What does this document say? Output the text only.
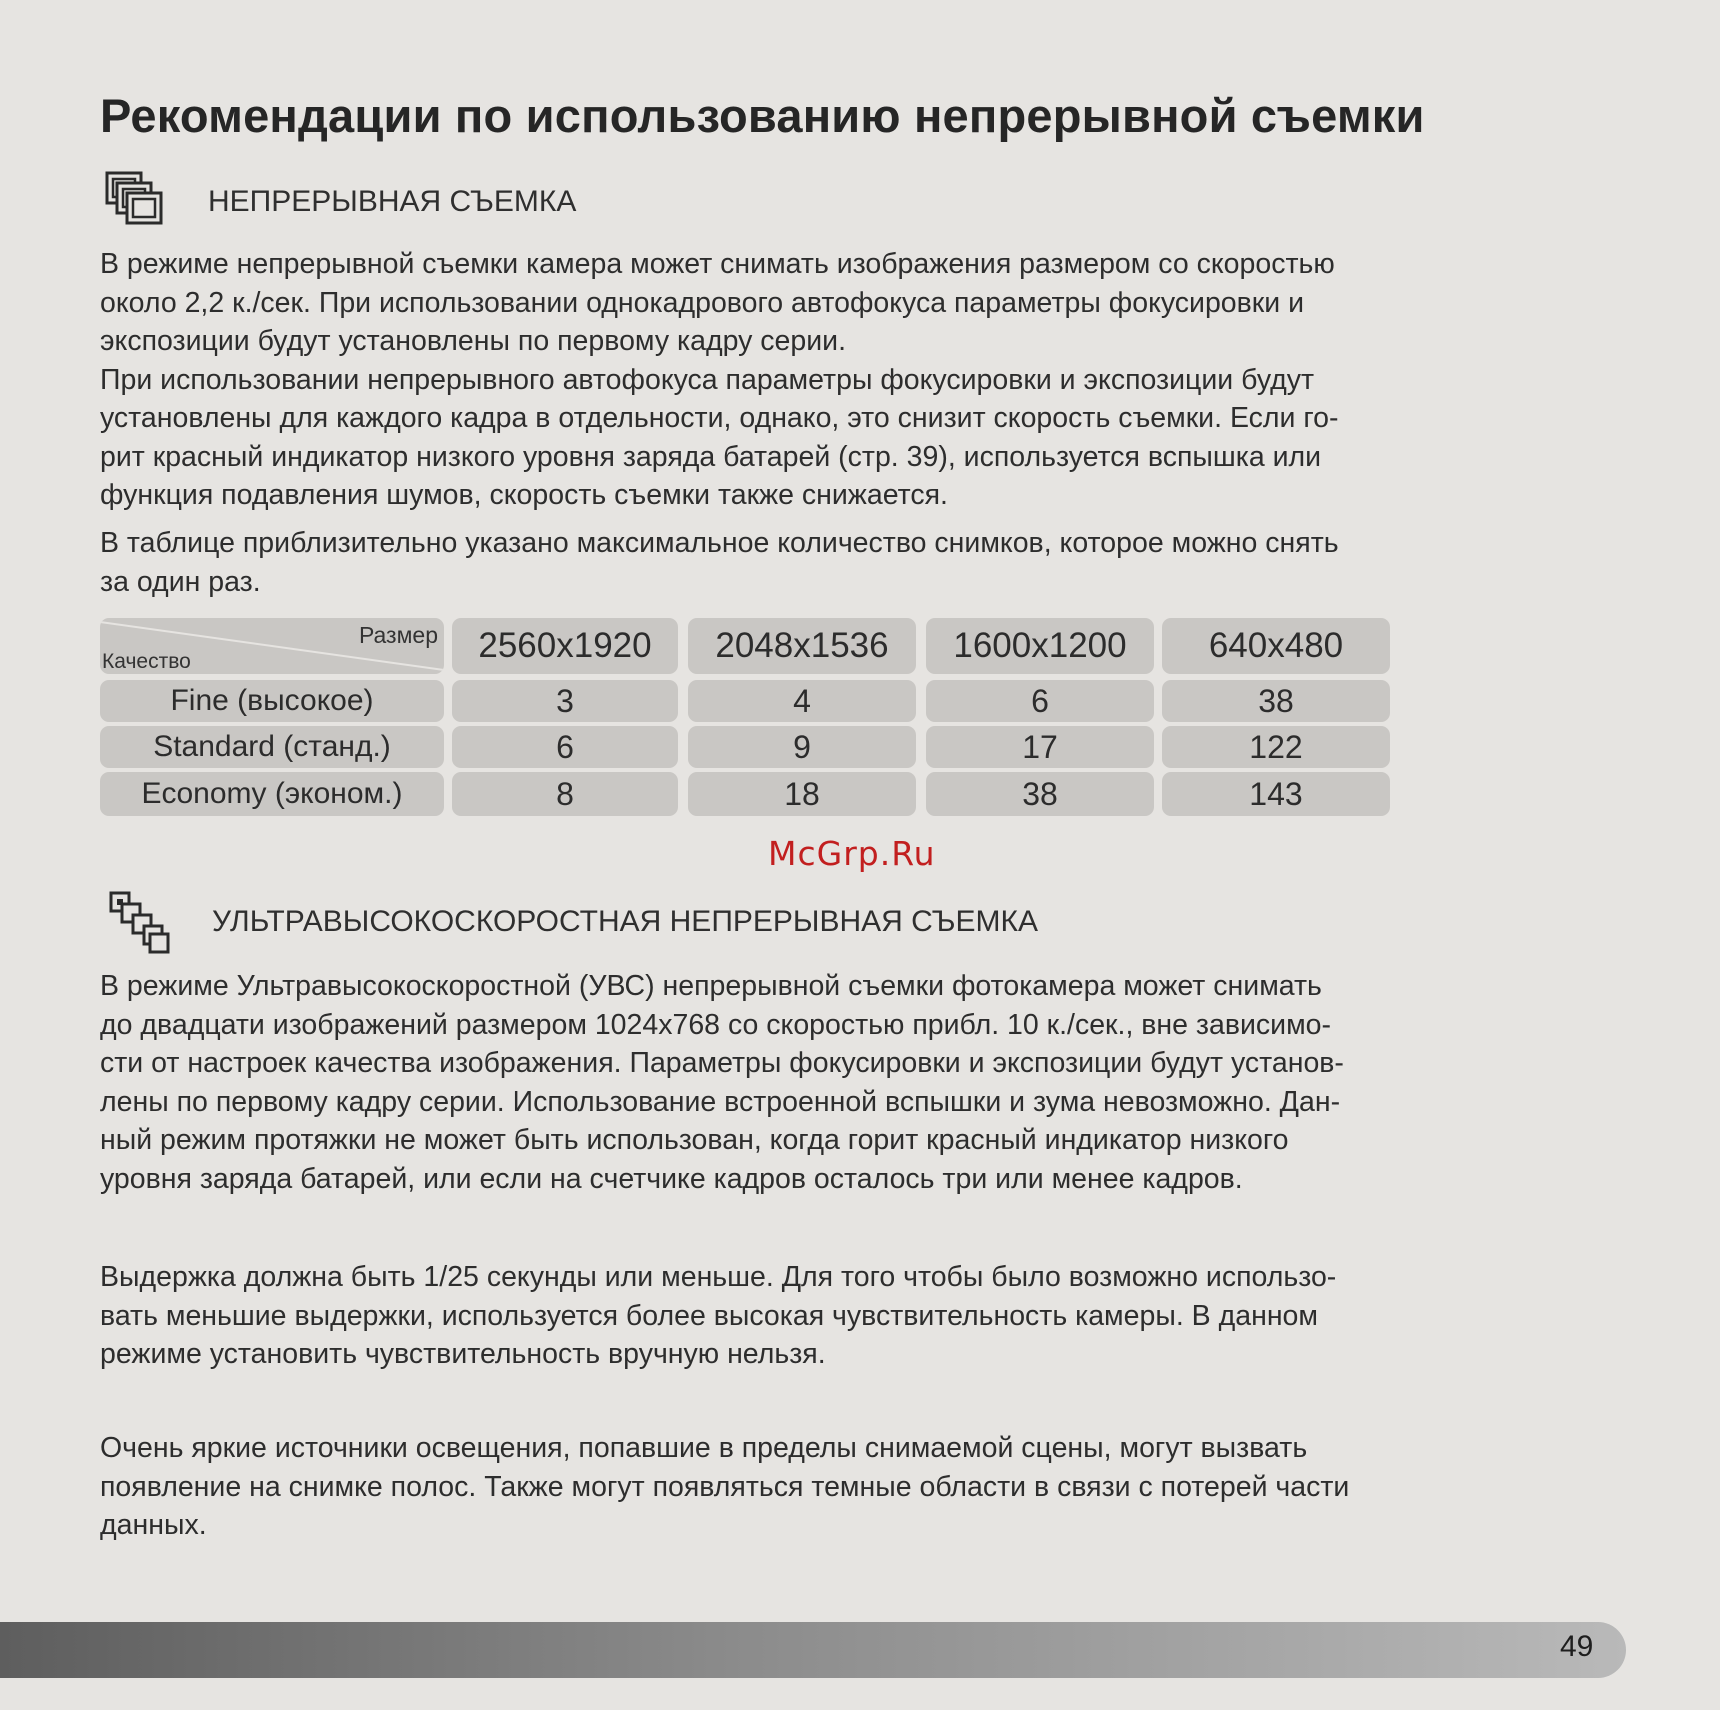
Рекомендации по использованию непрерывной съемки
НЕПРЕРЫВНАЯ СЪЕМКА

В режиме непрерывной съемки камера может снимать изображения размером со скоростью
около 2,2 к./сек. При использовании однокадрового автофокуса параметры фокусировки и
экспозиции будут установлены по первому кадру серии.
При использовании непрерывного автофокуса параметры фокусировки и экспозиции будут
установлены для каждого кадра в отдельности, однако, это снизит скорость съемки. Если го-
рит красный индикатор низкого уровня заряда батарей (стр. 39), используется вспышка или
функция подавления шумов, скорость съемки также снижается.

В таблице приблизительно указано максимальное количество снимков, которое можно снять
за один раз.

Размер
Качество	2560x1920	2048x1536	1600x1200	640x480
Fine (высокое)	3	4	6	38
Standard (станд.)	6	9	17	122
Economy (эконом.)	8	18	38	143
McGrp.Ru
УЛЬТРАВЫСОКОСКОРОСТНАЯ НЕПРЕРЫВНАЯ СЪЕМКА

В режиме Ультравысокоскоростной (УВС) непрерывной съемки фотокамера может снимать
до двадцати изображений размером 1024x768 со скоростью прибл. 10 к./сек., вне зависимо-
сти от настроек качества изображения. Параметры фокусировки и экспозиции будут установ-
лены по первому кадру серии. Использование встроенной вспышки и зума невозможно. Дан-
ный режим протяжки не может быть использован, когда горит красный индикатор низкого
уровня заряда батарей, или если на счетчике кадров осталось три или менее кадров.

Выдержка должна быть 1/25 секунды или меньше. Для того чтобы было возможно использо-
вать меньшие выдержки, используется более высокая чувствительность камеры. В данном
режиме установить чувствительность вручную нельзя.

Очень яркие источники освещения, попавшие в пределы снимаемой сцены, могут вызвать
появление на снимке полос. Также могут появляться темные области в связи с потерей части
данных.

49
